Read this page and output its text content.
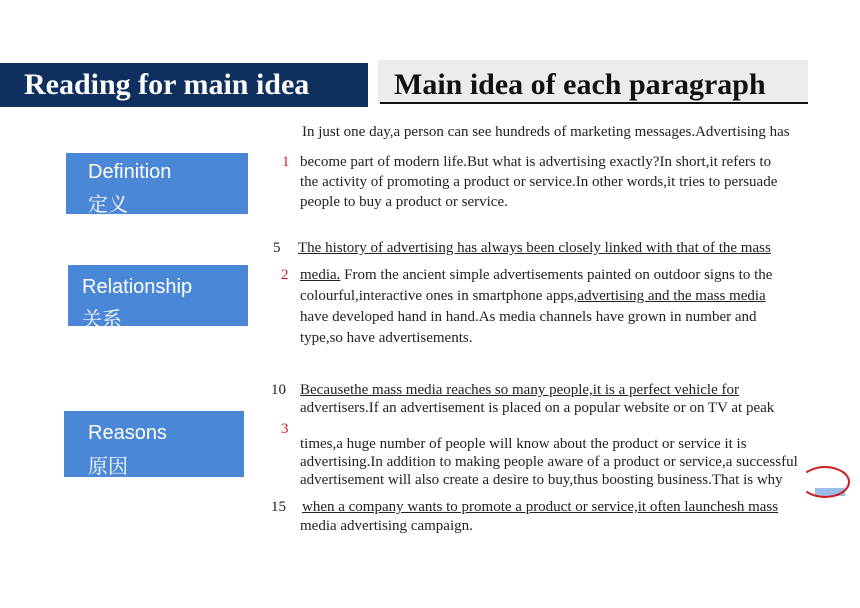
Reading for main idea	Main idea of each paragraph
Definition
定义
Relationship
关系
Reasons
原因
In just one day,a person can see hundreds of marketing messages.Advertising has
1 become part of modern life.But what is advertising exactly?In short,it refers to
the activity of promoting a product or service.In other words,it tries to persuade
people to buy a product or service.
5 The history of advertising has always been closely linked with that of the mass
2 media. From the ancient simple advertisements painted on outdoor signs to the
colourful,interactive ones in smartphone apps,advertising and the mass media
have developed hand in hand.As media channels have grown in number and
type,so have advertisements.
10 Becausethe mass media reaches so many people,it is a perfect vehicle for
advertisers.If an advertisement is placed on a popular website or on TV at peak
3
times,a huge number of people will know about the product or service it is
advertising.In addition to making people aware of a product or service,a successful
advertisement will also create a desire to buy,thus boosting business.That is why
15 when a company wants to promote a product or service,it often launchesh mass
media advertising campaign.
